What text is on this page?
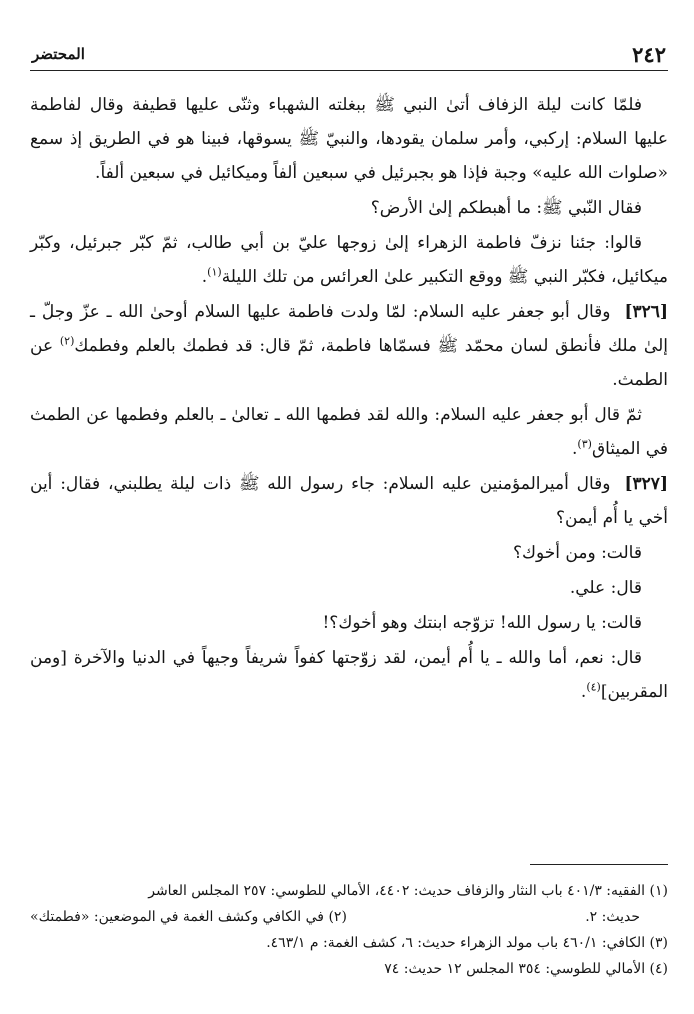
٢٤٢
المحتضر

فلمّا كانت ليلة الزفاف أتىٰ النبي ﷺ ببغلته الشهباء وثنّى عليها قطيفة وقال لفاطمة عليها السلام: إركبي، وأمر سلمان يقودها، والنبيّ ﷺ يسوقها، فبينا هو في الطريق إذ سمع «صلوات الله عليه» وجبة فإذا هو بجبرئيل في سبعين ألفاً وميكائيل في سبعين ألفاً.

فقال النّبي ﷺ: ما أهبطكم إلىٰ الأرض؟

قالوا: جئنا نزفّ فاطمة الزهراء إلىٰ زوجها عليّ بن أبي طالب، ثمّ كبّر جبرئيل، وكبّر ميكائيل، فكبّر النبي ﷺ ووقع التكبير علىٰ العرائس من تلك الليلة$^{(١)}$.

[٣٢٦]وقال أبو جعفر عليه السلام: لمّا ولدت فاطمة عليها السلام أوحىٰ الله ـ عزّ وجلّ ـ إلىٰ ملك فأنطق لسان محمّد ﷺ فسمّاها فاطمة، ثمّ قال: قد فطمك بالعلم وفطمك$^{(٢)}$ عن الطمث.

ثمّ قال أبو جعفر عليه السلام: والله لقد فطمها الله ـ تعالىٰ ـ بالعلم وفطمها عن الطمث في الميثاق$^{(٣)}$.

[٣٢٧]وقال أميرالمؤمنين عليه السلام: جاء رسول الله ﷺ ذات ليلة يطلبني، فقال: أين أخي يا أُم أيمن؟

قالت: ومن أخوك؟

قال: علي.

قالت: يا رسول الله! تزوّجه ابنتك وهو أخوك؟!

قال: نعم، أما والله ـ يا أُم أيمن، لقد زوّجتها كفواً شريفاً وجيهاً في الدنيا والآخرة [ومن المقربين]$^{(٤)}$.

(١) الفقيه: ٤٠١/٣ باب النثار والزفاف حديث: ٤٤٠٢، الأمالي للطوسي: ٢٥٧ المجلس العاشر

حديث: ٢.
(٢) في الكافي وكشف الغمة في الموضعين: «فطمتك»

(٣) الكافي: ٤٦٠/١ باب مولد الزهراء حديث: ٦، كشف الغمة: م ٤٦٣/١.

(٤) الأمالي للطوسي: ٣٥٤ المجلس ١٢ حديث: ٧٤
